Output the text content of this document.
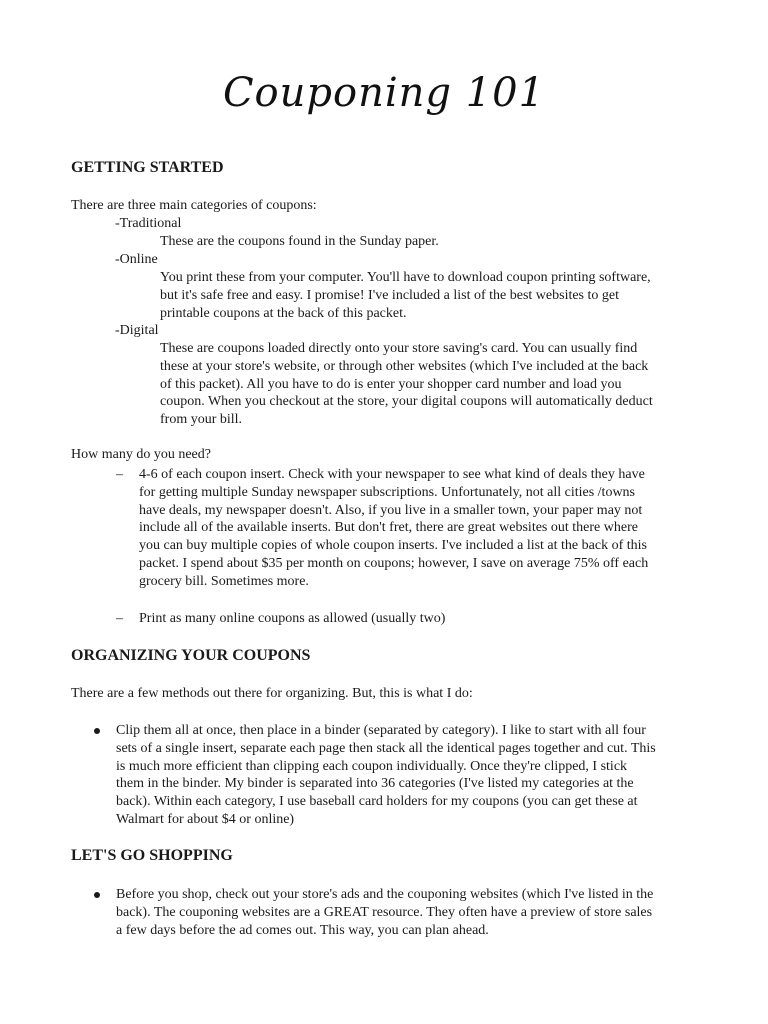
Couponing 101
GETTING STARTED

There are three main categories of coupons:

-Traditional

These are the coupons found in the Sunday paper.

-Online

You print these from your computer. You'll have to download coupon printing software,
but it's safe free and easy. I promise! I've included a list of the best websites to get
printable coupons at the back of this packet.

-Digital

These are coupons loaded directly onto your store saving's card. You can usually find
these at your store's website, or through other websites (which I've included at the back
of this packet). All you have to do is enter your shopper card number and load you
coupon. When you checkout at the store, your digital coupons will automatically deduct
from your bill.

How many do you need?

– 4-6 of each coupon insert. Check with your newspaper to see what kind of deals they have
for getting multiple Sunday newspaper subscriptions. Unfortunately, not all cities /towns
have deals, my newspaper doesn't. Also, if you live in a smaller town, your paper may not
include all of the available inserts. But don't fret, there are great websites out there where
you can buy multiple copies of whole coupon inserts. I've included a list at the back of this
packet. I spend about $35 per month on coupons; however, I save on average 75% off each
grocery bill. Sometimes more.

– Print as many online coupons as allowed (usually two)
ORGANIZING YOUR COUPONS

There are a few methods out there for organizing. But, this is what I do:

Clip them all at once, then place in a binder (separated by category). I like to start with all four
sets of a single insert, separate each page then stack all the identical pages together and cut. This
is much more efficient than clipping each coupon individually. Once they're clipped, I stick
them in the binder. My binder is separated into 36 categories (I've listed my categories at the
back). Within each category, I use baseball card holders for my coupons (you can get these at
Walmart for about $4 or online)
LET'S GO SHOPPING
Before you shop, check out your store's ads and the couponing websites (which I've listed in the
back). The couponing websites are a GREAT resource. They often have a preview of store sales
a few days before the ad comes out. This way, you can plan ahead.
